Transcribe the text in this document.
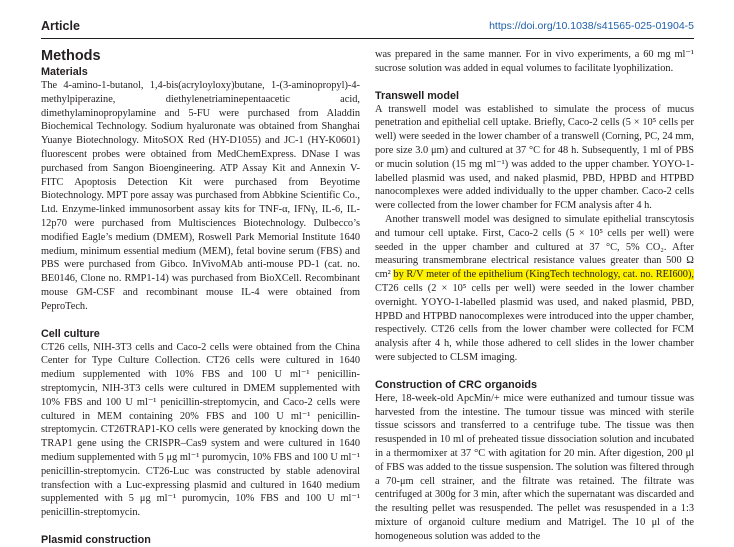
Article	https://doi.org/10.1038/s41565-025-01904-5
Methods
Materials

The 4-amino-1-butanol, 1,4-bis(acryloyloxy)butane, 1-(3-aminopropyl)-4-methylpiperazine, diethylenetriaminepentaacetic acid, dimethylaminopropylamine and 5-FU were purchased from Aladdin Biochemical Technology. Sodium hyaluronate was obtained from Shanghai Yuanye Biotechnology. MitoSOX Red (HY-D1055) and JC-1 (HY-K0601) fluorescent probes were obtained from MedChemExpress. DNase I was purchased from Sangon Bioengineering. ATP Assay Kit and Annexin V-FITC Apoptosis Detection Kit were purchased from Beyotime Biotechnology. MPT pore assay was purchased from Abbkine Scientific Co., Ltd. Enzyme-linked immunosorbent assay kits for TNF-α, IFNγ, IL-6, IL-12p70 were purchased from Multisciences Biotechnology. Dulbecco’s modified Eagle’s medium (DMEM), Roswell Park Memorial Institute 1640 medium, minimum essential medium (MEM), fetal bovine serum (FBS) and PBS were purchased from Gibco. InVivoMAb anti-mouse PD-1 (cat. no. BE0146, Clone no. RMP1-14) was purchased from BioXCell. Recombinant mouse GM-CSF and recombinant mouse IL-4 were obtained from PeproTech.

Cell culture

CT26 cells, NIH-3T3 cells and Caco-2 cells were obtained from the China Center for Type Culture Collection. CT26 cells were cultured in 1640 medium supplemented with 10% FBS and 100 U ml⁻¹ penicillin-streptomycin, NIH-3T3 cells were cultured in DMEM supplemented with 10% FBS and 100 U ml⁻¹ penicillin-streptomycin, and Caco-2 cells were cultured in MEM containing 20% FBS and 100 U ml⁻¹ penicillin-streptomycin. CT26TRAP1-KO cells were generated by knocking down the TRAP1 gene using the CRISPR–Cas9 system and were cultured in 1640 medium supplemented with 5 μg ml⁻¹ puromycin, 10% FBS and 100 U ml⁻¹ penicillin-streptomycin. CT26-Luc was constructed by stable adenoviral transfection with a Luc-expressing plasmid and cultured in 1640 medium supplemented with 5 μg ml⁻¹ puromycin, 10% FBS and 100 U ml⁻¹ penicillin-streptomycin.

Plasmid construction

was prepared in the same manner. For in vivo experiments, a 60 mg ml⁻¹ sucrose solution was added in equal volumes to facilitate lyophilization.

Transwell model

A transwell model was established to simulate the process of mucus penetration and epithelial cell uptake. Briefly, Caco-2 cells (5 × 10⁵ cells per well) were seeded in the lower chamber of a transwell (Corning, PC, 24 mm, pore size 3.0 μm) and cultured at 37 °C for 48 h. Subsequently, 1 ml of PBS or mucin solution (15 mg ml⁻¹) was added to the upper chamber. YOYO-1-labelled plasmid was used, and naked plasmid, PBD, HPBD and HTPBD nanocomplexes were added individually to the upper chamber. Caco-2 cells were collected from the lower chamber for FCM analysis after 4 h.

Another transwell model was designed to simulate epithelial transcytosis and tumour cell uptake. First, Caco-2 cells (5 × 10⁵ cells per well) were seeded in the upper chamber and cultured at 37 °C, 5% CO₂. After measuring transmembrane electrical resistance values greater than 500 Ω cm² by R/V meter of the epithelium (KingTech technology, cat. no. REI600), CT26 cells (2 × 10⁵ cells per well) were seeded in the lower chamber overnight. YOYO-1-labelled plasmid was used, and naked plasmid, PBD, HPBD and HTPBD nanocomplexes were introduced into the upper chamber, respectively. CT26 cells from the lower chamber were collected for FCM analysis after 4 h, while those adhered to cell slides in the lower chamber were subjected to CLSM imaging.

Construction of CRC organoids

Here, 18-week-old ApcMin/+ mice were euthanized and tumour tissue was harvested from the intestine. The tumour tissue was minced with sterile tissue scissors and transferred to a centrifuge tube. The tissue was then resuspended in 10 ml of preheated tissue dissociation solution and incubated in a thermomixer at 37 °C with agitation for 20 min. After digestion, 200 μl of FBS was added to the tissue suspension. The solution was filtered through a 70-μm cell strainer, and the filtrate was retained. The filtrate was centrifuged at 300g for 3 min, after which the supernatant was discarded and the resulting pellet was resuspended. The pellet was resuspended in a 1:3 mixture of organoid culture medium and Matrigel. The 10 μl of the homogeneous solution was added to the
